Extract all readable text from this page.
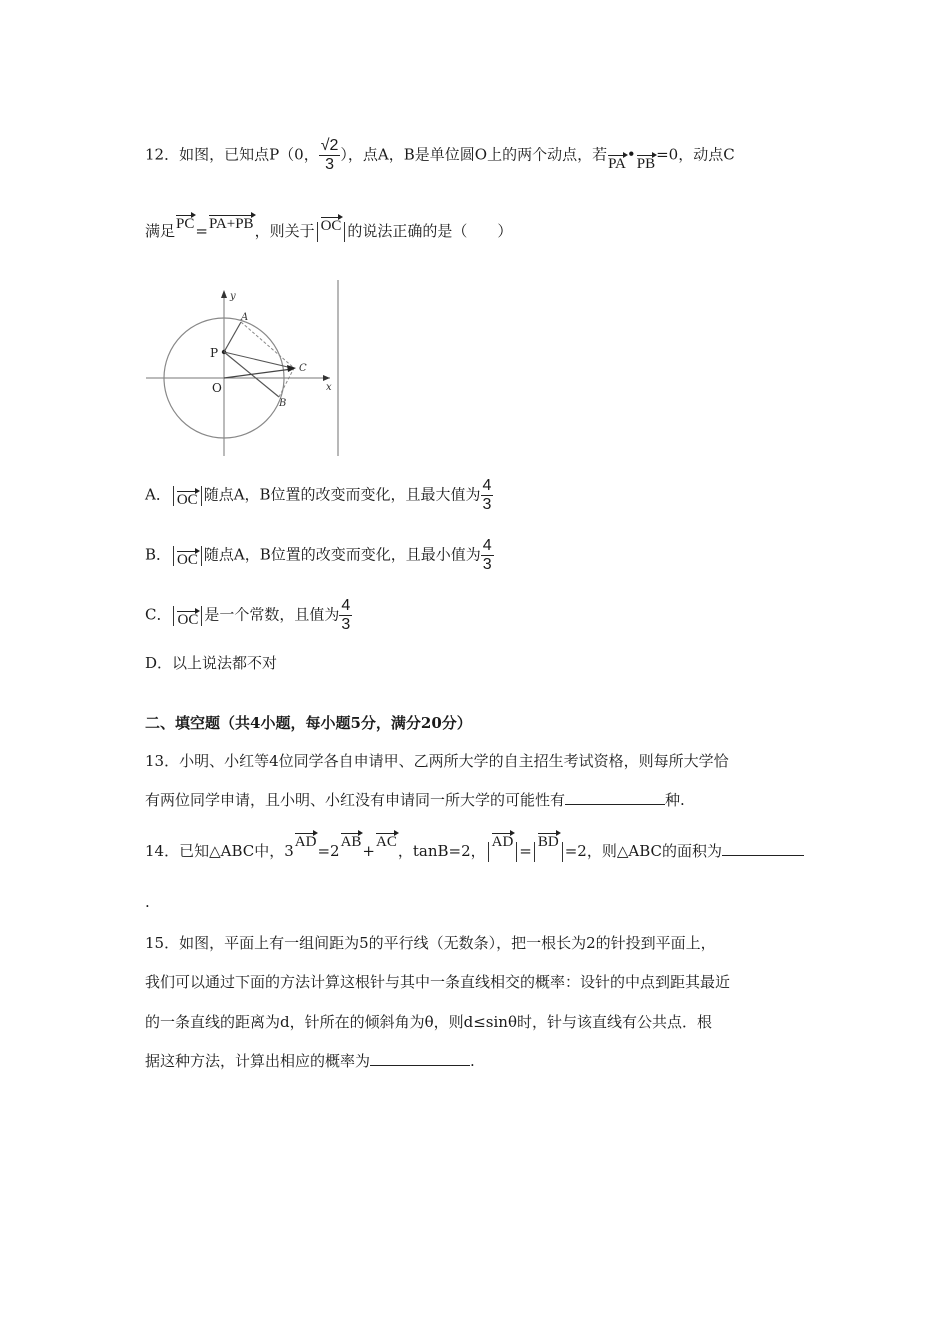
12．如图，已知点P（0， $\frac{√2}{3}$ ），点A，B是单位圆O上的两个动点，若PA•PB=0，动点C
满足PC=PA+PB，则关于 OC 的说法正确的是（　　）
y
x
P
O
A
B
C
A． OC 随点A，B位置的改变而变化，且最大值为 $\frac{4}{3}$
B． OC 随点A，B位置的改变而变化，且最小值为 $\frac{4}{3}$
C． OC 是一个常数，且值为 $\frac{4}{3}$
D．以上说法都不对
二、填空题（共4小题，每小题5分，满分20分）
13．小明、小红等4位同学各自申请甲、乙两所大学的自主招生考试资格，则每所大学恰
有两位同学申请，且小明、小红没有申请同一所大学的可能性有	种.
14．已知△ABC中，3AD=2AB+AC，tanB=2， AD = BD =2，则△ABC的面积为
.
15．如图，平面上有一组间距为5的平行线（无数条），把一根长为2的针投到平面上，
我们可以通过下面的方法计算这根针与其中一条直线相交的概率：设针的中点到距其最近
的一条直线的距离为d，针所在的倾斜角为θ，则d≤sinθ时，针与该直线有公共点．根
据这种方法，计算出相应的概率为	.
